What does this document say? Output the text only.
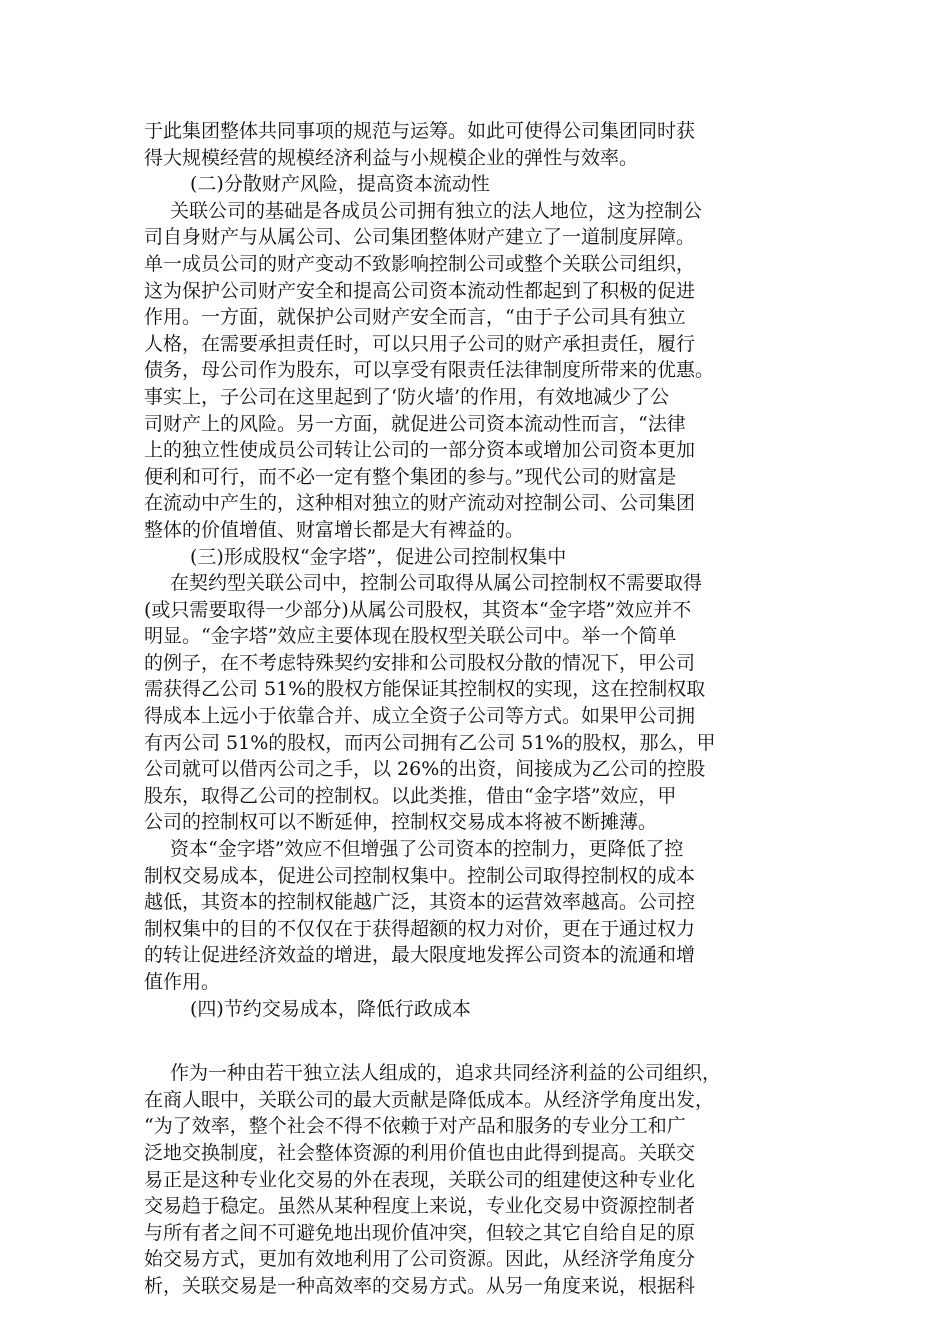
于此集团整体共同事项的规范与运筹。如此可使得公司集团同时获
得大规模经营的规模经济利益与小规模企业的弹性与效率。
(二)分散财产风险，提高资本流动性
关联公司的基础是各成员公司拥有独立的法人地位，这为控制公
司自身财产与从属公司、公司集团整体财产建立了一道制度屏障。
单一成员公司的财产变动不致影响控制公司或整个关联公司组织，
这为保护公司财产安全和提高公司资本流动性都起到了积极的促进
作用。一方面，就保护公司财产安全而言，“由于子公司具有独立
人格，在需要承担责任时，可以只用子公司的财产承担责任，履行
债务，母公司作为股东，可以享受有限责任法律制度所带来的优惠。
事实上，子公司在这里起到了‘防火墙’的作用，有效地减少了公
司财产上的风险。另一方面，就促进公司资本流动性而言，“法律
上的独立性使成员公司转让公司的一部分资本或增加公司资本更加
便利和可行，而不必一定有整个集团的参与。”现代公司的财富是
在流动中产生的，这种相对独立的财产流动对控制公司、公司集团
整体的价值增值、财富增长都是大有裨益的。
(三)形成股权“金字塔”，促进公司控制权集中
在契约型关联公司中，控制公司取得从属公司控制权不需要取得
(或只需要取得一少部分)从属公司股权，其资本“金字塔”效应并不
明显。“金字塔”效应主要体现在股权型关联公司中。举一个简单
的例子，在不考虑特殊契约安排和公司股权分散的情况下，甲公司
需获得乙公司 51%的股权方能保证其控制权的实现，这在控制权取
得成本上远小于依靠合并、成立全资子公司等方式。如果甲公司拥
有丙公司 51%的股权，而丙公司拥有乙公司 51%的股权，那么，甲
公司就可以借丙公司之手，以 26%的出资，间接成为乙公司的控股
股东，取得乙公司的控制权。以此类推，借由“金字塔”效应，甲
公司的控制权可以不断延伸，控制权交易成本将被不断摊薄。
资本“金字塔”效应不但增强了公司资本的控制力，更降低了控
制权交易成本，促进公司控制权集中。控制公司取得控制权的成本
越低，其资本的控制权能越广泛，其资本的运营效率越高。公司控
制权集中的目的不仅仅在于获得超额的权力对价，更在于通过权力
的转让促进经济效益的增进，最大限度地发挥公司资本的流通和增
值作用。
(四)节约交易成本，降低行政成本
作为一种由若干独立法人组成的，追求共同经济利益的公司组织，
在商人眼中，关联公司的最大贡献是降低成本。从经济学角度出发，
“为了效率，整个社会不得不依赖于对产品和服务的专业分工和广
泛地交换制度，社会整体资源的利用价值也由此得到提高。关联交
易正是这种专业化交易的外在表现，关联公司的组建使这种专业化
交易趋于稳定。虽然从某种程度上来说，专业化交易中资源控制者
与所有者之间不可避免地出现价值冲突，但较之其它自给自足的原
始交易方式，更加有效地利用了公司资源。因此，从经济学角度分
析，关联交易是一种高效率的交易方式。从另一角度来说，根据科
